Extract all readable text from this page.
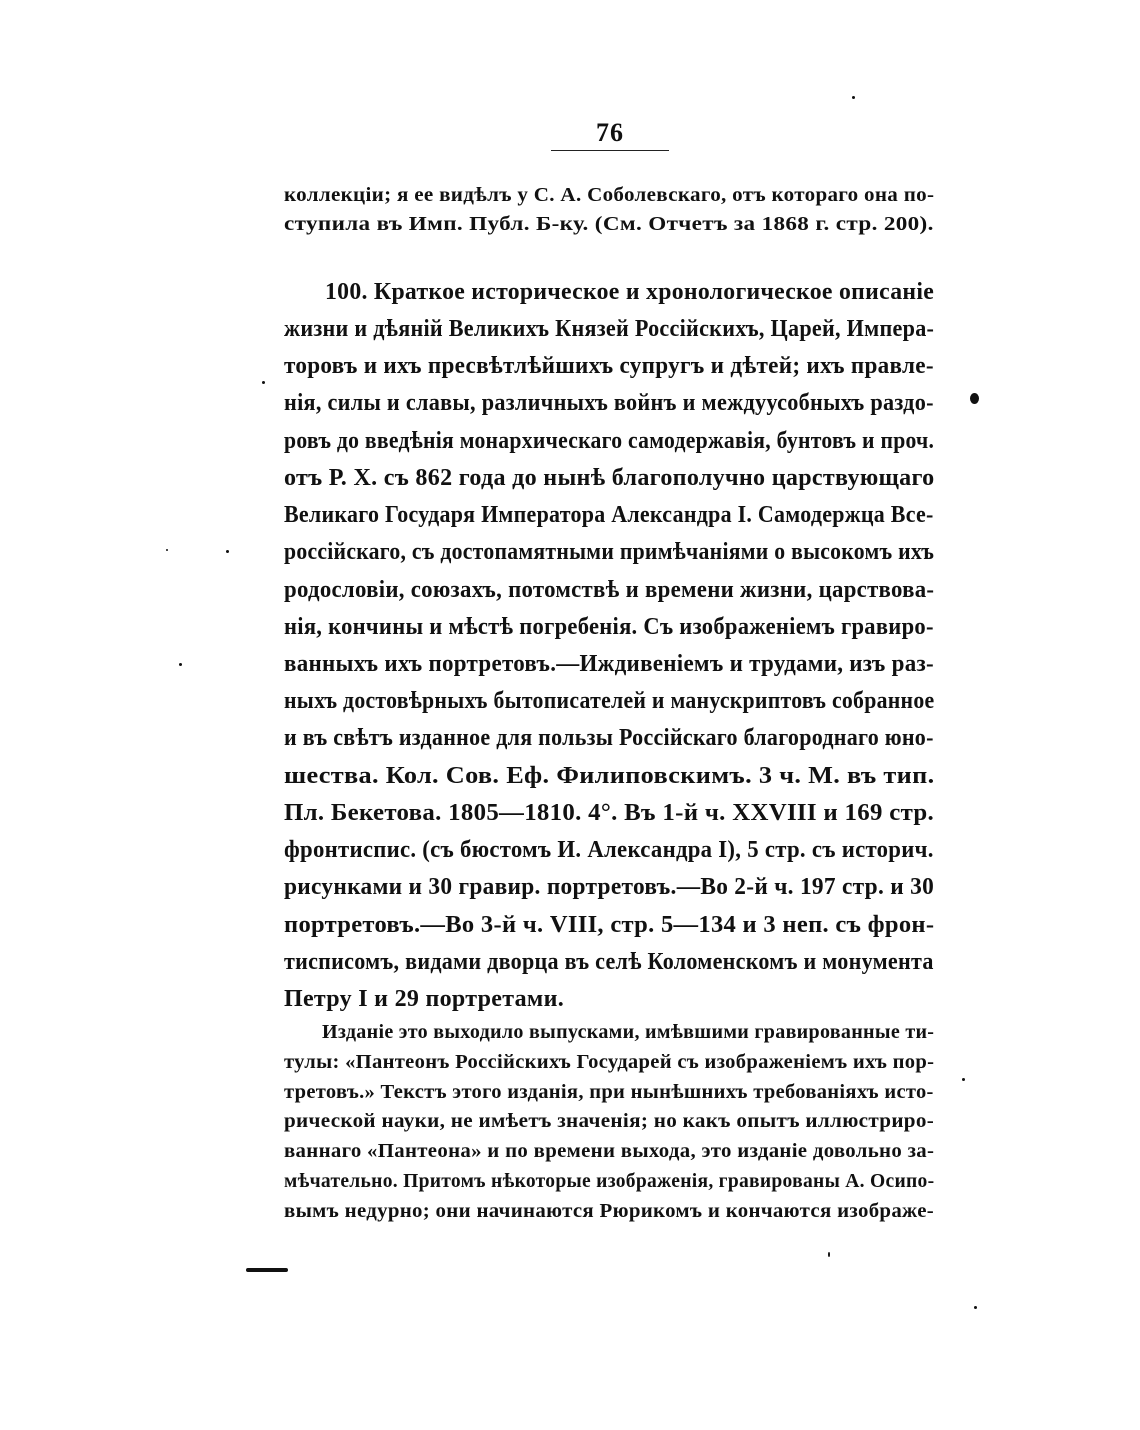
76

коллекціи; я ее видѣлъ у С. А. Соболевскаго, отъ котораго она по-

ступила въ Имп. Публ. Б-ку. (См. Отчетъ за 1868 г. стр. 200).

100. Краткое историческое и хронологическое описаніе

жизни и дѣяній Великихъ Князей Россійскихъ, Царей, Импера-

торовъ и ихъ пресвѣтлѣйшихъ супругъ и дѣтей; ихъ правле-

нія, силы и славы, различныхъ войнъ и междуусобныхъ раздо-

ровъ до введѣнія монархическаго самодержавія, бунтовъ и проч.

отъ Р. Х. съ 862 года до нынѣ благополучно царствующаго

Великаго Государя Императора Александра I. Самодержца Все-

россійскаго, съ достопамятными примѣчаніями о высокомъ ихъ

родословіи, союзахъ, потомствѣ и времени жизни, царствова-

нія, кончины и мѣстѣ погребенія. Съ изображеніемъ гравиро-

ванныхъ ихъ портретовъ.—Иждивеніемъ и трудами, изъ раз-

ныхъ достовѣрныхъ бытописателей и манускриптовъ собранное

и въ свѣтъ изданное для пользы Россійскаго благороднаго юно-

шества. Кол. Сов. Еф. Филиповскимъ. 3 ч. М. въ тип.

Пл. Бекетова. 1805—1810. 4°. Въ 1-й ч. XXVIII и 169 стр.

фронтиспис. (съ бюстомъ И. Александра I), 5 стр. съ историч.

рисунками и 30 гравир. портретовъ.—Во 2-й ч. 197 стр. и 30

портретовъ.—Во 3-й ч. VIII, стр. 5—134 и 3 неп. съ фрон-

тисписомъ, видами дворца въ селѣ Коломенскомъ и монумента

Петру I и 29 портретами.

Изданіе это выходило выпусками, имѣвшими гравированные ти-

тулы: «Пантеонъ Россійскихъ Государей съ изображеніемъ ихъ пор-

третовъ.» Текстъ этого изданія, при нынѣшнихъ требованіяхъ исто-

рической науки, не имѣетъ значенія; но какъ опытъ иллюстриро-

ваннаго «Пантеона» и по времени выхода, это изданіе довольно за-

мѣчательно. Притомъ нѣкоторые изображенія, гравированы А. Осипо-

вымъ недурно; они начинаются Рюрикомъ и кончаются изображе-
